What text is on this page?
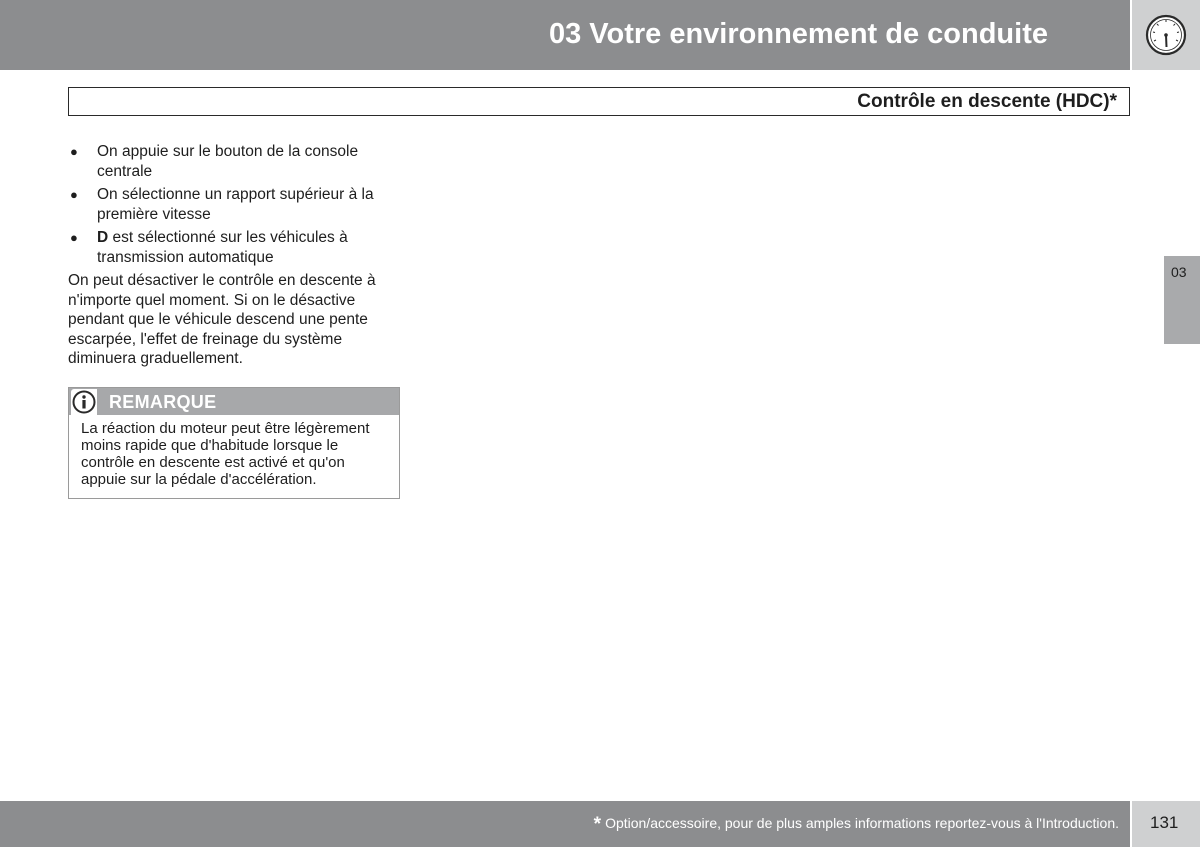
03 Votre environnement de conduite
Contrôle en descente (HDC)*
● On appuie sur le bouton de la console centrale
● On sélectionne un rapport supérieur à la première vitesse
● D est sélectionné sur les véhicules à transmission automatique

On peut désactiver le contrôle en descente à n'importe quel moment. Si on le désactive pendant que le véhicule descend une pente escarpée, l'effet de freinage du système diminuera graduellement.

REMARQUE
La réaction du moteur peut être légèrement moins rapide que d'habitude lorsque le contrôle en descente est activé et qu'on appuie sur la pédale d'accélération.
03
* Option/accessoire, pour de plus amples informations reportez-vous à l'Introduction. 131
